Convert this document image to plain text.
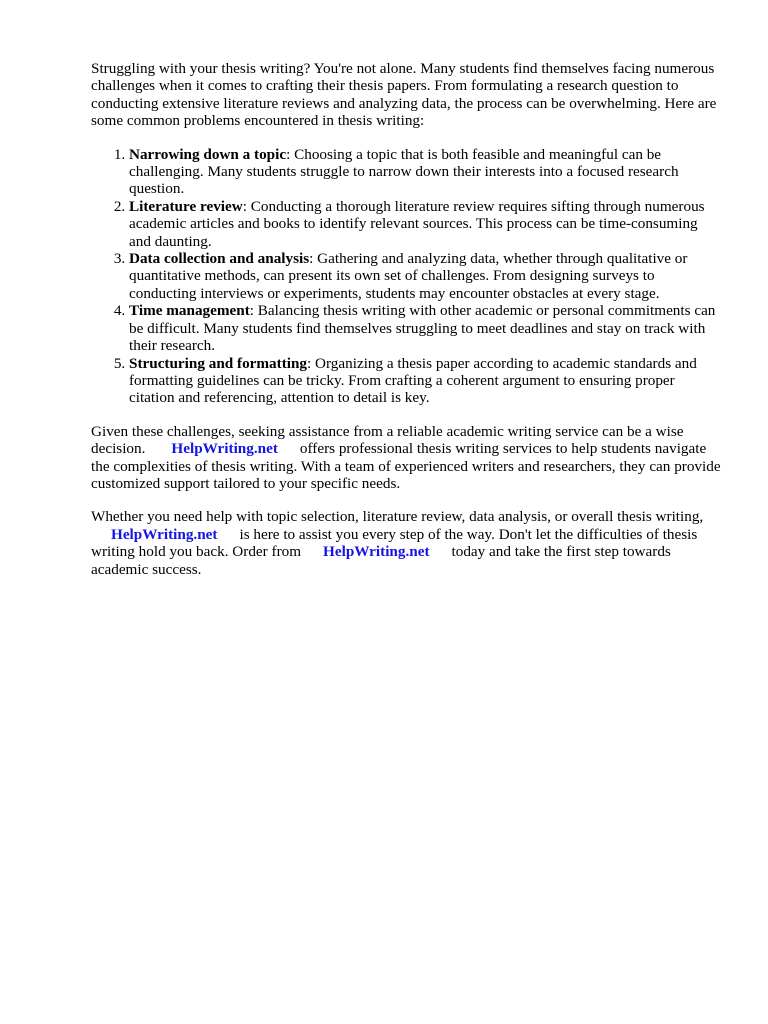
Struggling with your thesis writing? You're not alone. Many students find themselves facing numerous challenges when it comes to crafting their thesis papers. From formulating a research question to conducting extensive literature reviews and analyzing data, the process can be overwhelming. Here are some common problems encountered in thesis writing:

1. Narrowing down a topic: Choosing a topic that is both feasible and meaningful can be challenging. Many students struggle to narrow down their interests into a focused research question.
2. Literature review: Conducting a thorough literature review requires sifting through numerous academic articles and books to identify relevant sources. This process can be time-consuming and daunting.
3. Data collection and analysis: Gathering and analyzing data, whether through qualitative or quantitative methods, can present its own set of challenges. From designing surveys to conducting interviews or experiments, students may encounter obstacles at every stage.
4. Time management: Balancing thesis writing with other academic or personal commitments can be difficult. Many students find themselves struggling to meet deadlines and stay on track with their research.
5. Structuring and formatting: Organizing a thesis paper according to academic standards and formatting guidelines can be tricky. From crafting a coherent argument to ensuring proper citation and referencing, attention to detail is key.

Given these challenges, seeking assistance from a reliable academic writing service can be a wise decision. HelpWriting.net offers professional thesis writing services to help students navigate the complexities of thesis writing. With a team of experienced writers and researchers, they can provide customized support tailored to your specific needs.

Whether you need help with topic selection, literature review, data analysis, or overall thesis writing, HelpWriting.net is here to assist you every step of the way. Don't let the difficulties of thesis writing hold you back. Order from HelpWriting.net today and take the first step towards academic success.
